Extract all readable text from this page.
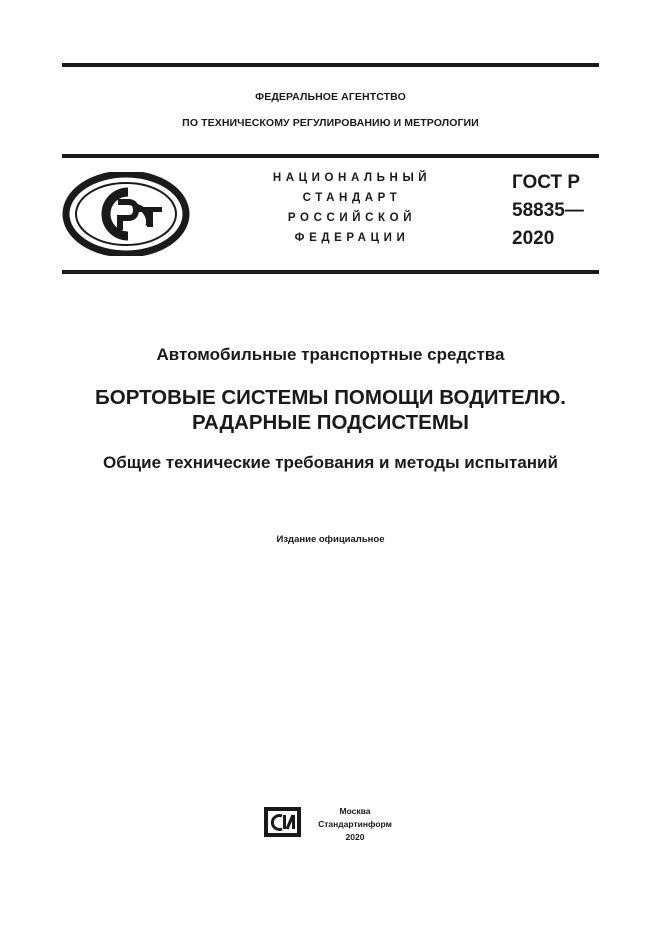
ФЕДЕРАЛЬНОЕ АГЕНТСТВО
ПО ТЕХНИЧЕСКОМУ РЕГУЛИРОВАНИЮ И МЕТРОЛОГИИ
НАЦИОНАЛЬНЫЙ
СТАНДАРТ
РОССИЙСКОЙ
ФЕДЕРАЦИИ
ГОСТ Р
58835—
2020
Автомобильные транспортные средства
БОРТОВЫЕ СИСТЕМЫ ПОМОЩИ ВОДИТЕЛЮ.
РАДАРНЫЕ ПОДСИСТЕМЫ
Общие технические требования и методы испытаний
Издание официальное
Москва
Стандартинформ
2020
